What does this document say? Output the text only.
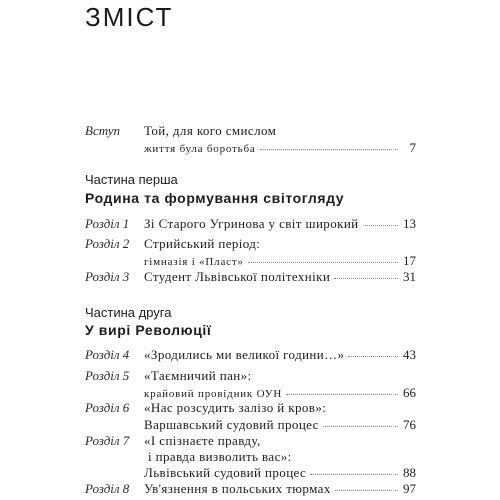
ЗМІСТ
Вступ Той, для кого смислом
життя була боротьба	7
Частина перша
Родина та формування світогляду
Розділ 1 Зі Старого Угринова у світ широкий	13
Розділ 2 Стрийський період:
гімназія і «Пласт»	17
Розділ 3 Студент Львівської політехніки	31
Частина друга
У вирі Революції
Розділ 4 «Зродились ми великої години…»	43
Розділ 5 «Таємничий пан»:
крайовий провідник ОУН	66
Розділ 6 «Нас розсудить залізо й кров»:
Варшавський судовий процес	76
Розділ 7 «І спізнаєте правду,
і правда визволить вас»:
Львівський судовий процес	88
Розділ 8 Ув'язнення в польських тюрмах	97
